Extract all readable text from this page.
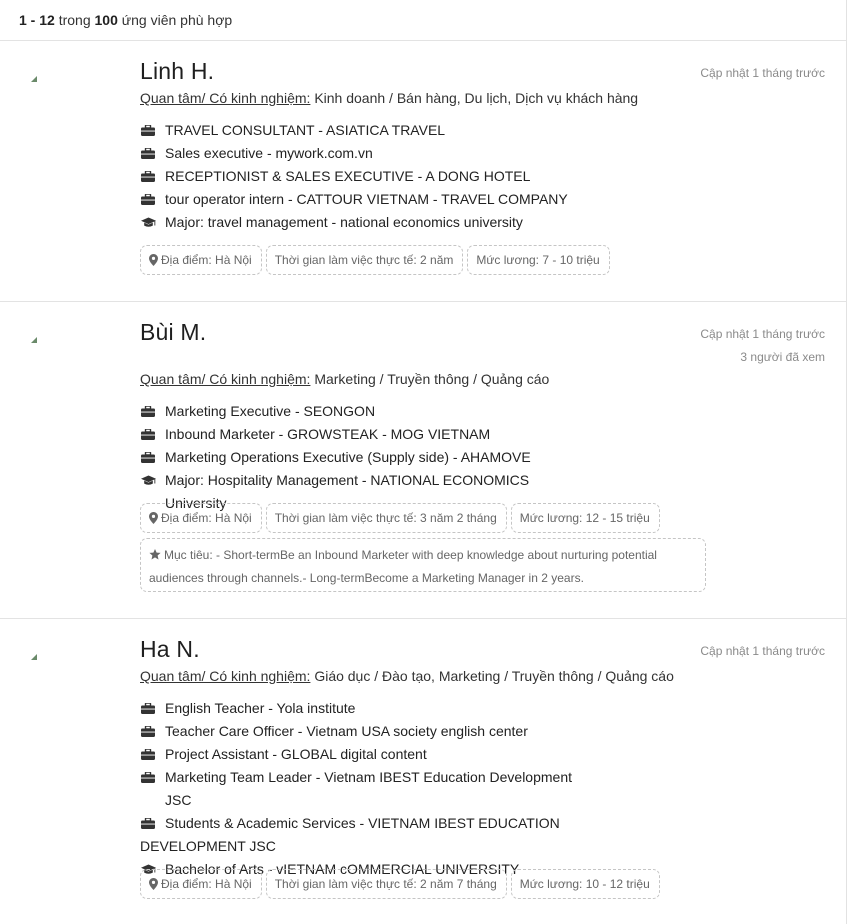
1 - 12 trong 100 ứng viên phù hợp
Linh H.	Cập nhật 1 tháng trước
Quan tâm/ Có kinh nghiệm: Kinh doanh / Bán hàng, Du lịch, Dịch vụ khách hàng
TRAVEL CONSULTANT - ASIATICA TRAVEL
Sales executive - mywork.com.vn
RECEPTIONIST & SALES EXECUTIVE - A DONG HOTEL
tour operator intern - CATTOUR VIETNAM - TRAVEL COMPANY
Major: travel management - national economics university
Địa điểm:
Hà Nội Thời gian làm việc thực tế:
2 năm Mức lương:
7 - 10 triệu
Bùi M.	Cập nhật 1 tháng trước
3 người đã xem
Quan tâm/ Có kinh nghiệm: Marketing / Truyền thông / Quảng cáo
Marketing Executive - SEONGON
Inbound Marketer - GROWSTEAK - MOG VIETNAM
Marketing Operations Executive (Supply side) - AHAMOVE
Major: Hospitality Management - NATIONAL ECONOMICS University
Địa điểm:
Hà Nội Thời gian làm việc thực tế:
3 năm 2 tháng Mức lương:
12 - 15 triệu
Mục tiêu: - Short-termBe an Inbound Marketer with deep knowledge about nurturing potential audiences through channels.- Long-termBecome a Marketing Manager in 2 years.
Ha N.	Cập nhật 1 tháng trước
Quan tâm/ Có kinh nghiệm: Giáo dục / Đào tạo, Marketing / Truyền thông / Quảng cáo
English Teacher - Yola institute
Teacher Care Officer - Vietnam USA society english center
Project Assistant - GLOBAL digital content
Marketing Team Leader - Vietnam IBEST Education Development JSC
Students & Academic Services - VIETNAM IBEST EDUCATION DEVELOPMENT JSC
Bachelor of Arts - vIETNAM cOMMERCIAL UNIVERSITY
Địa điểm:
Hà Nội Thời gian làm việc thực tế:
2 năm 7 tháng Mức lương:
10 - 12 triệu
